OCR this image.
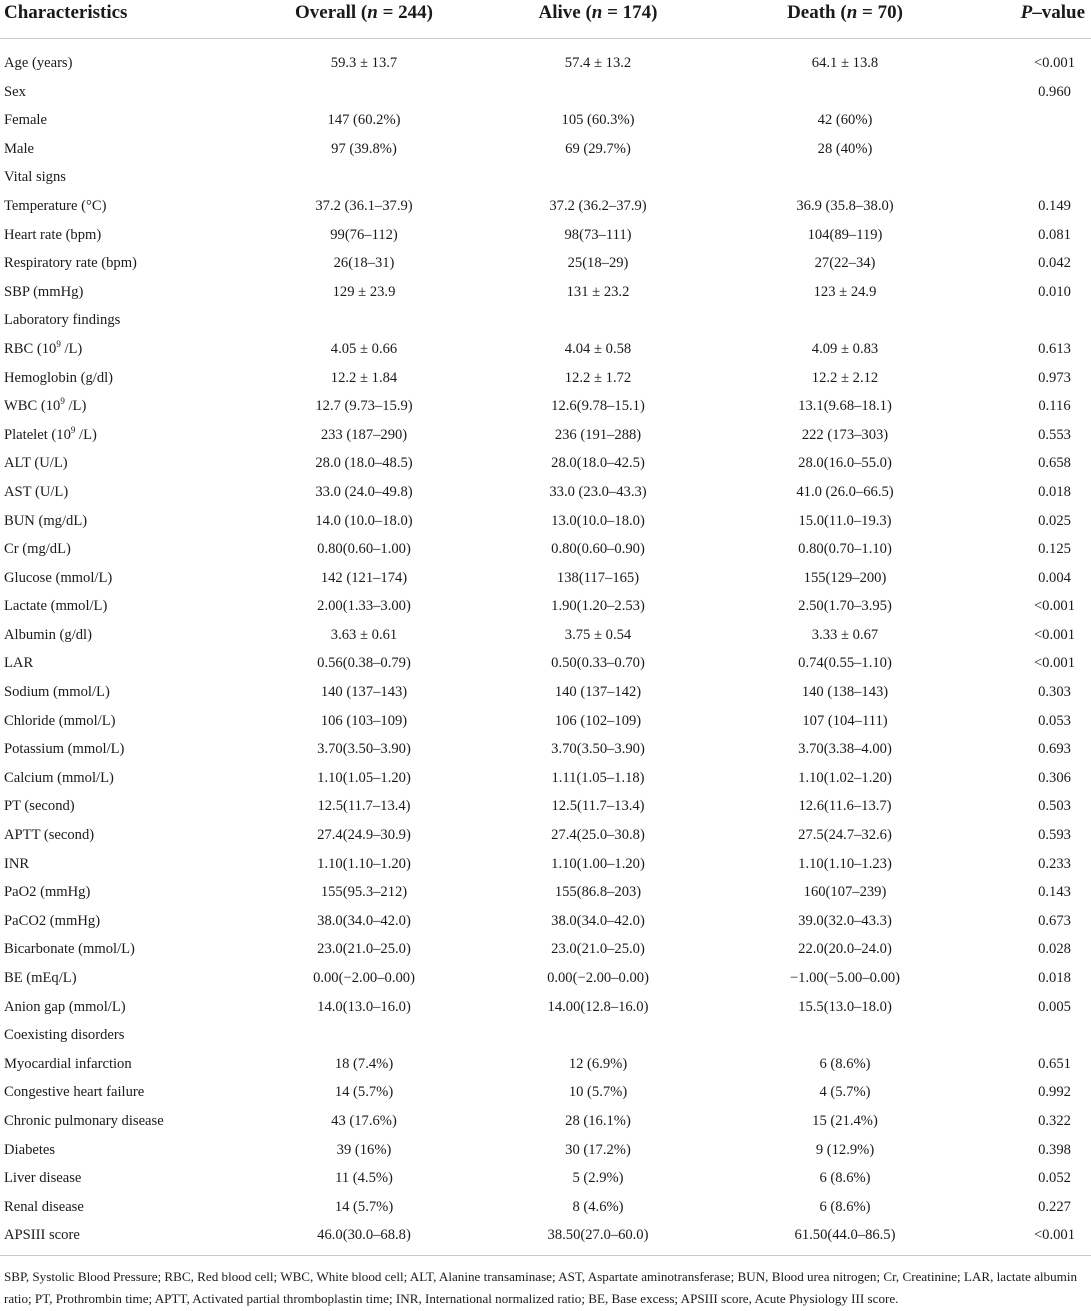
Characteristics	Overall (n = 244)	Alive (n = 174)	Death (n = 70)	P–value
Age (years)	59.3 ± 13.7	57.4 ± 13.2	64.1 ± 13.8	<0.001
Sex				0.960
Female	147 (60.2%)	105 (60.3%)	42 (60%)	
Male	97 (39.8%)	69 (29.7%)	28 (40%)	
Vital signs				
Temperature (°C)	37.2 (36.1–37.9)	37.2 (36.2–37.9)	36.9 (35.8–38.0)	0.149
Heart rate (bpm)	99(76–112)	98(73–111)	104(89–119)	0.081
Respiratory rate (bpm)	26(18–31)	25(18–29)	27(22–34)	0.042
SBP (mmHg)	129 ± 23.9	131 ± 23.2	123 ± 24.9	0.010
Laboratory findings				
RBC ($10^9$ /L)	4.05 ± 0.66	4.04 ± 0.58	4.09 ± 0.83	0.613
Hemoglobin (g/dl)	12.2 ± 1.84	12.2 ± 1.72	12.2 ± 2.12	0.973
WBC ($10^9$ /L)	12.7 (9.73–15.9)	12.6(9.78–15.1)	13.1(9.68–18.1)	0.116
Platelet ($10^9$ /L)	233 (187–290)	236 (191–288)	222 (173–303)	0.553
ALT (U/L)	28.0 (18.0–48.5)	28.0(18.0–42.5)	28.0(16.0–55.0)	0.658
AST (U/L)	33.0 (24.0–49.8)	33.0 (23.0–43.3)	41.0 (26.0–66.5)	0.018
BUN (mg/dL)	14.0 (10.0–18.0)	13.0(10.0–18.0)	15.0(11.0–19.3)	0.025
Cr (mg/dL)	0.80(0.60–1.00)	0.80(0.60–0.90)	0.80(0.70–1.10)	0.125
Glucose (mmol/L)	142 (121–174)	138(117–165)	155(129–200)	0.004
Lactate (mmol/L)	2.00(1.33–3.00)	1.90(1.20–2.53)	2.50(1.70–3.95)	<0.001
Albumin (g/dl)	3.63 ± 0.61	3.75 ± 0.54	3.33 ± 0.67	<0.001
LAR	0.56(0.38–0.79)	0.50(0.33–0.70)	0.74(0.55–1.10)	<0.001
Sodium (mmol/L)	140 (137–143)	140 (137–142)	140 (138–143)	0.303
Chloride (mmol/L)	106 (103–109)	106 (102–109)	107 (104–111)	0.053
Potassium (mmol/L)	3.70(3.50–3.90)	3.70(3.50–3.90)	3.70(3.38–4.00)	0.693
Calcium (mmol/L)	1.10(1.05–1.20)	1.11(1.05–1.18)	1.10(1.02–1.20)	0.306
PT (second)	12.5(11.7–13.4)	12.5(11.7–13.4)	12.6(11.6–13.7)	0.503
APTT (second)	27.4(24.9–30.9)	27.4(25.0–30.8)	27.5(24.7–32.6)	0.593
INR	1.10(1.10–1.20)	1.10(1.00–1.20)	1.10(1.10–1.23)	0.233
PaO2 (mmHg)	155(95.3–212)	155(86.8–203)	160(107–239)	0.143
PaCO2 (mmHg)	38.0(34.0–42.0)	38.0(34.0–42.0)	39.0(32.0–43.3)	0.673
Bicarbonate (mmol/L)	23.0(21.0–25.0)	23.0(21.0–25.0)	22.0(20.0–24.0)	0.028
BE (mEq/L)	0.00(−2.00–0.00)	0.00(−2.00–0.00)	−1.00(−5.00–0.00)	0.018
Anion gap (mmol/L)	14.0(13.0–16.0)	14.00(12.8–16.0)	15.5(13.0–18.0)	0.005
Coexisting disorders				
Myocardial infarction	18 (7.4%)	12 (6.9%)	6 (8.6%)	0.651
Congestive heart failure	14 (5.7%)	10 (5.7%)	4 (5.7%)	0.992
Chronic pulmonary disease	43 (17.6%)	28 (16.1%)	15 (21.4%)	0.322
Diabetes	39 (16%)	30 (17.2%)	9 (12.9%)	0.398
Liver disease	11 (4.5%)	5 (2.9%)	6 (8.6%)	0.052
Renal disease	14 (5.7%)	8 (4.6%)	6 (8.6%)	0.227
APSIII score	46.0(30.0–68.8)	38.50(27.0–60.0)	61.50(44.0–86.5)	<0.001
SBP, Systolic Blood Pressure; RBC, Red blood cell; WBC, White blood cell; ALT, Alanine transaminase; AST, Aspartate aminotransferase; BUN, Blood urea nitrogen; Cr, Creatinine; LAR, lactate albumin ratio; PT, Prothrombin time; APTT, Activated partial thromboplastin time; INR, International normalized ratio; BE, Base excess; APSIII score, Acute Physiology III score.
